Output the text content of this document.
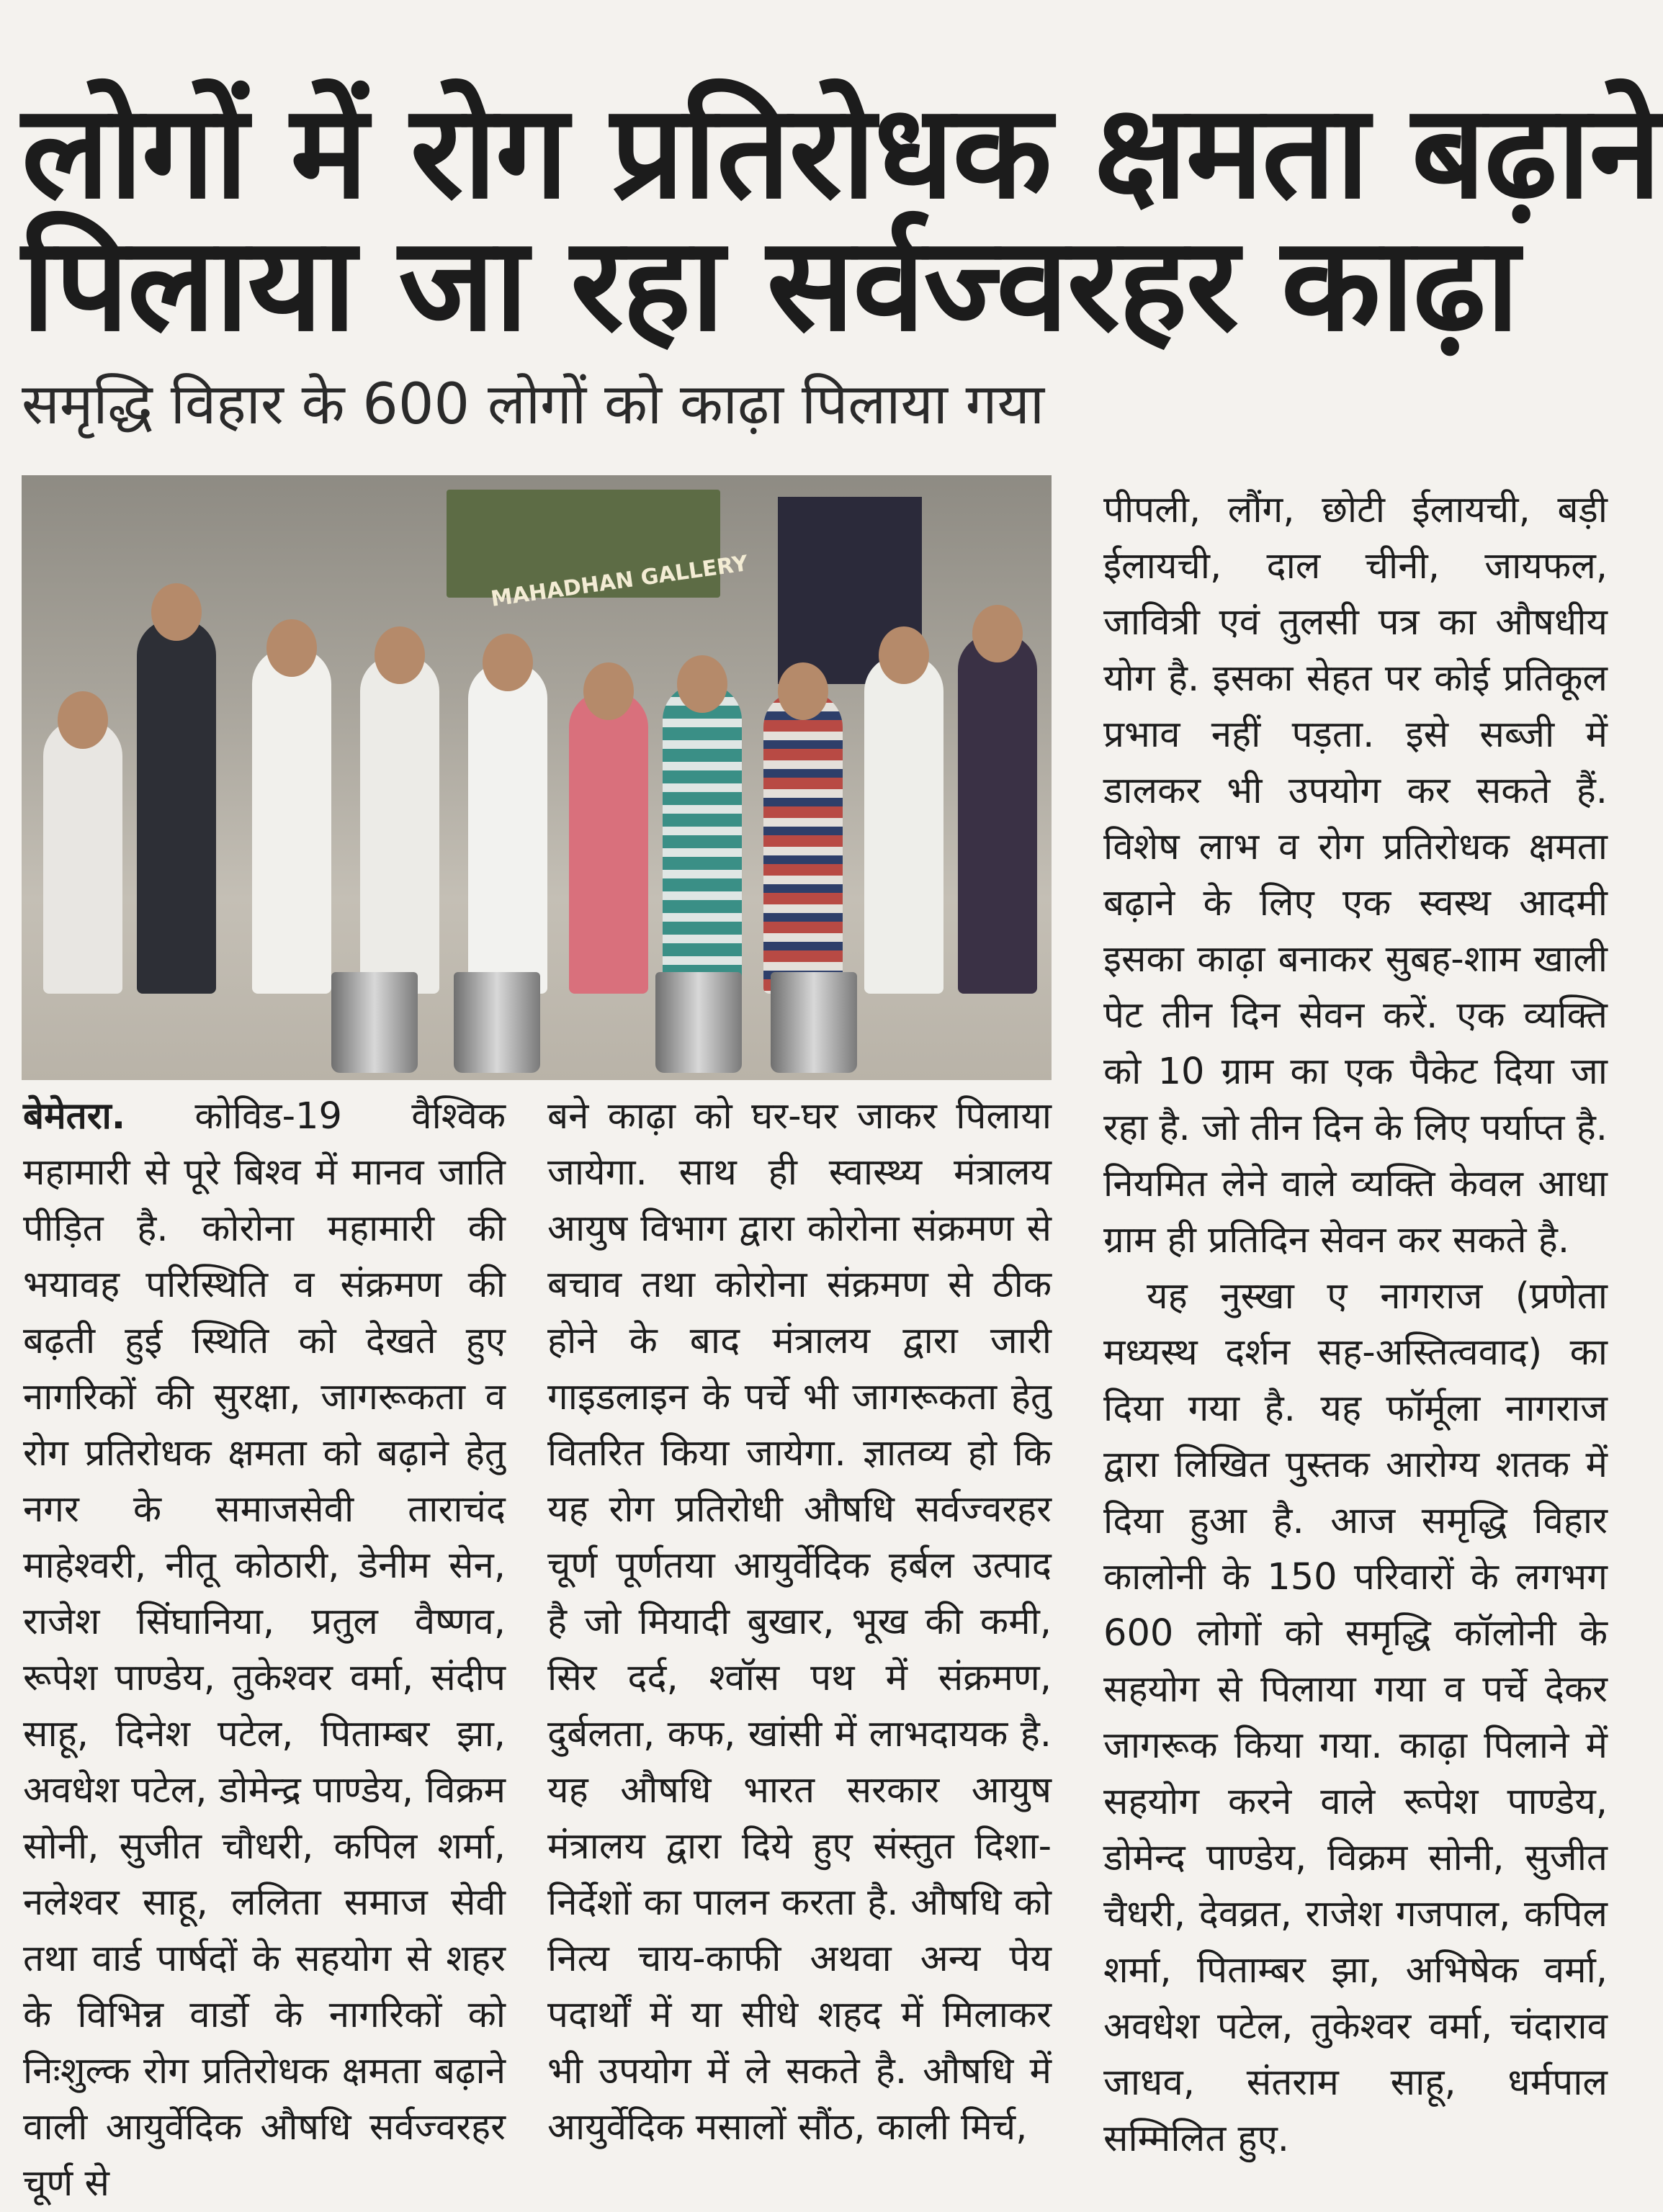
लोगों में रोग प्रतिरोधक क्षमता बढ़ाने
पिलाया जा रहा सर्वज्वरहर काढ़ा
समृद्धि विहार के 600 लोगों को काढ़ा पिलाया गया
MAHADHAN GALLERY

बेमेतरा. कोविड-19 वैश्विक महामारी से पूरे बिश्व में मानव जाति पीड़ित है. कोरोना महामारी की भयावह परिस्थिति व संक्रमण की बढ़ती हुई स्थिति को देखते हुए नागरिकों की सुरक्षा, जागरूकता व रोग प्रतिरोधक क्षमता को बढ़ाने हेतु नगर के समाजसेवी ताराचंद माहेश्वरी, नीतू कोठारी, डेनीम सेन, राजेश सिंघानिया, प्रतुल वैष्णव, रूपेश पाण्डेय, तुकेश्वर वर्मा, संदीप साहू, दिनेश पटेल, पिताम्बर झा, अवधेश पटेल, डोमेन्द्र पाण्डेय, विक्रम सोनी, सुजीत चौधरी, कपिल शर्मा, नलेश्वर साहू, ललिता समाज सेवी तथा वार्ड पार्षदों के सहयोग से शहर के विभिन्न वार्डो के नागरिकों को निःशुल्क रोग प्रतिरोधक क्षमता बढ़ाने वाली आयुर्वेदिक औषधि सर्वज्वरहर चूर्ण से

बने काढ़ा को घर-घर जाकर पिलाया जायेगा. साथ ही स्वास्थ्य मंत्रालय आयुष विभाग द्वारा कोरोना संक्रमण से बचाव तथा कोरोना संक्रमण से ठीक होने के बाद मंत्रालय द्वारा जारी गाइडलाइन के पर्चे भी जागरूकता हेतु वितरित किया जायेगा. ज्ञातव्य हो कि यह रोग प्रतिरोधी औषधि सर्वज्वरहर चूर्ण पूर्णतया आयुर्वेदिक हर्बल उत्पाद है जो मियादी बुखार, भूख की कमी, सिर दर्द, श्वॉस पथ में संक्रमण, दुर्बलता, कफ, खांसी में लाभदायक है. यह औषधि भारत सरकार आयुष मंत्रालय द्वारा दिये हुए संस्तुत दिशा-निर्देशों का पालन करता है. औषधि को नित्य चाय-काफी अथवा अन्य पेय पदार्थों में या सीधे शहद में मिलाकर भी उपयोग में ले सकते है. औषधि में आयुर्वेदिक मसालों सौंठ, काली मिर्च,

पीपली, लौंग, छोटी ईलायची, बड़ी ईलायची, दाल चीनी, जायफल, जावित्री एवं तुलसी पत्र का औषधीय योग है. इसका सेहत पर कोई प्रतिकूल प्रभाव नहीं पड़ता. इसे सब्जी में डालकर भी उपयोग कर सकते हैं. विशेष लाभ व रोग प्रतिरोधक क्षमता बढ़ाने के लिए एक स्वस्थ आदमी इसका काढ़ा बनाकर सुबह-शाम खाली पेट तीन दिन सेवन करें. एक व्यक्ति को 10 ग्राम का एक पैकेट दिया जा रहा है. जो तीन दिन के लिए पर्याप्त है. नियमित लेने वाले व्यक्ति केवल आधा ग्राम ही प्रतिदिन सेवन कर सकते है.

यह नुस्खा ए नागराज (प्रणेता मध्यस्थ दर्शन सह-अस्तित्ववाद) का दिया गया है. यह फॉर्मूला नागराज द्वारा लिखित पुस्तक आरोग्य शतक में दिया हुआ है. आज समृद्धि विहार कालोनी के 150 परिवारों के लगभग 600 लोगों को समृद्धि कॉलोनी के सहयोग से पिलाया गया व पर्चे देकर जागरूक किया गया. काढ़ा पिलाने में सहयोग करने वाले रूपेश पाण्डेय, डोमेन्द पाण्डेय, विक्रम सोनी, सुजीत चैधरी, देवव्रत, राजेश गजपाल, कपिल शर्मा, पिताम्बर झा, अभिषेक वर्मा, अवधेश पटेल, तुकेश्वर वर्मा, चंदाराव जाधव, संतराम साहू, धर्मपाल सम्मिलित हुए.
